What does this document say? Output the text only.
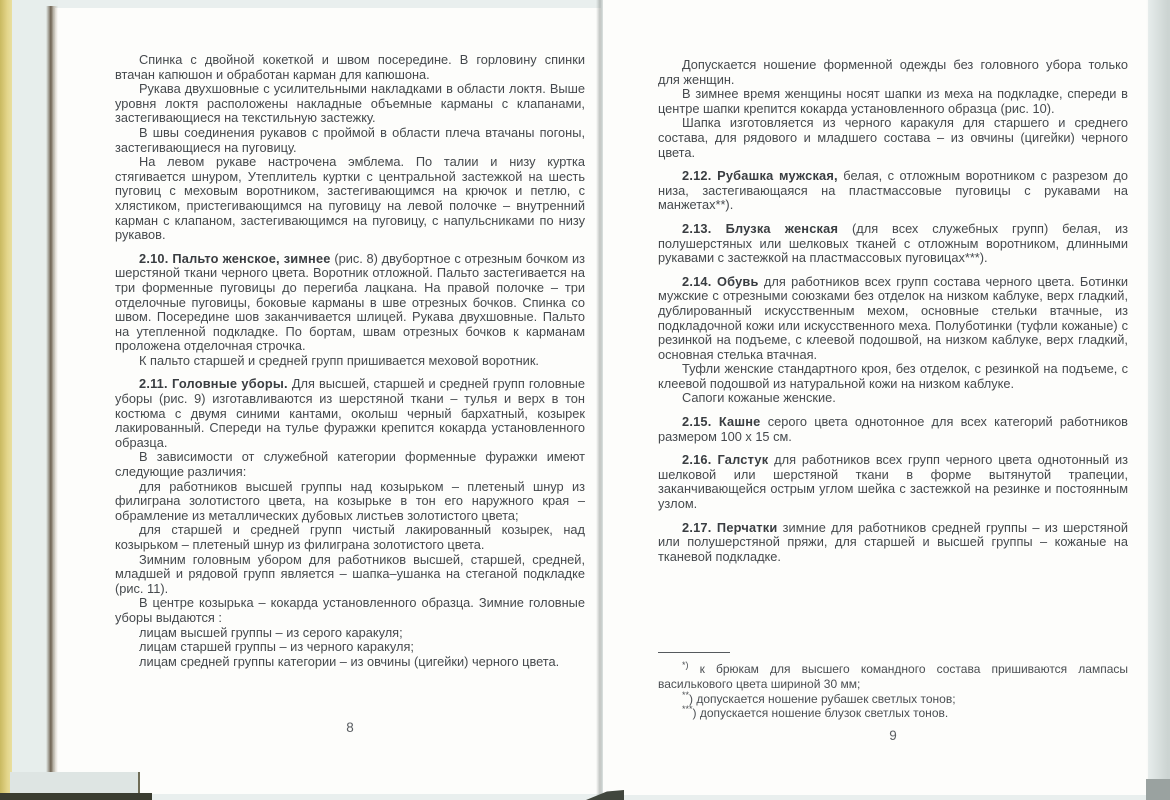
Спинка с двойной кокеткой и швом посередине. В горловину спинки втачан капюшон и обработан карман для капюшона.

Рукава двухшовные с усилительными накладками в области локтя. Выше уровня локтя расположены накладные объемные карманы с клапанами, застегивающиеся на текстильную застежку.

В швы соединения рукавов с проймой в области плеча втачаны погоны, застегивающиеся на пуговицу.

На левом рукаве настрочена эмблема. По талии и низу куртка стягивается шнуром, Утеплитель куртки с центральной застежкой на шесть пуговиц с меховым воротником, застегивающимся на крючок и петлю, с хлястиком, пристегивающимся на пуговицу на левой полочке – внутренний карман с клапаном, застегивающимся на пуговицу, с напульсниками по низу рукавов.

2.10. Пальто женское, зимнее (рис. 8) двубортное с отрезным бочком из шерстяной ткани черного цвета. Воротник отложной. Пальто застегивается на три форменные пуговицы до перегиба лацкана. На правой полочке – три отделочные пуговицы, боковые карманы в шве отрезных бочков. Спинка со швом. Посередине шов заканчивается шлицей. Рукава двухшовные. Пальто на утепленной подкладке. По бортам, швам отрезных бочков к карманам проложена отделочная строчка.

К пальто старшей и средней групп пришивается меховой воротник.

2.11. Головные уборы. Для высшей, старшей и средней групп головные уборы (рис. 9) изготавливаются из шерстяной ткани – тулья и верх в тон костюма с двумя синими кантами, околыш черный бархатный, козырек лакированный. Спереди на тулье фуражки крепится кокарда установленного образца.

В зависимости от служебной категории форменные фуражки имеют следующие различия:

для работников высшей группы над козырьком – плетеный шнур из филиграна золотистого цвета, на козырьке в тон его наружного края – обрамление из металлических дубовых листьев золотистого цвета;

для старшей и средней групп чистый лакированный козырек, над козырьком – плетеный шнур из филиграна золотистого цвета.

Зимним головным убором для работников высшей, старшей, средней, младшей и рядовой групп является – шапка–ушанка на стеганой подкладке (рис. 11).

В центре козырька – кокарда установленного образца. Зимние головные уборы выдаются :

лицам высшей группы – из серого каракуля;

лицам старшей группы – из черного каракуля;

лицам средней группы категории – из овчины (цигейки) черного цвета.

8

Допускается ношение форменной одежды без головного убора только для женщин.

В зимнее время женщины носят шапки из меха на подкладке, спереди в центре шапки крепится кокарда установленного образца (рис. 10).

Шапка изготовляется из черного каракуля для старшего и среднего состава, для рядового и младшего состава – из овчины (цигейки) черного цвета.

2.12. Рубашка мужская, белая, с отложным воротником с разрезом до низа, застегивающаяся на пластмассовые пуговицы с рукавами на манжетах**).

2.13. Блузка женская (для всех служебных групп) белая, из полушерстяных или шелковых тканей с отложным воротником, длинными рукавами с застежкой на пластмассовых пуговицах***).

2.14. Обувь для работников всех групп состава черного цвета. Ботинки мужские с отрезными союзками без отделок на низком каблуке, верх гладкий, дублированный искусственным мехом, основные стельки втачные, из подкладочной кожи или искусственного меха. Полуботинки (туфли кожаные) с резинкой на подъеме, с клеевой подошвой, на низком каблуке, верх гладкий, основная стелька втачная.

Туфли женские стандартного кроя, без отделок, с резинкой на подъеме, с клеевой подошвой из натуральной кожи на низком каблуке.

Сапоги кожаные женские.

2.15. Кашне серого цвета однотонное для всех категорий работников размером 100 х 15 см.

2.16. Галстук для работников всех групп черного цвета однотонный из шелковой или шерстяной ткани в форме вытянутой трапеции, заканчивающейся острым углом шейка с застежкой на резинке и постоянным узлом.

2.17. Перчатки зимние для работников средней группы – из шерстяной или полушерстяной пряжи, для старшей и высшей группы – кожаные на тканевой подкладке.

*) к брюкам для высшего командного состава пришиваются лампасы василькового цвета шириной 30 мм;

**) допускается ношение рубашек светлых тонов;

***) допускается ношение блузок светлых тонов.

9
